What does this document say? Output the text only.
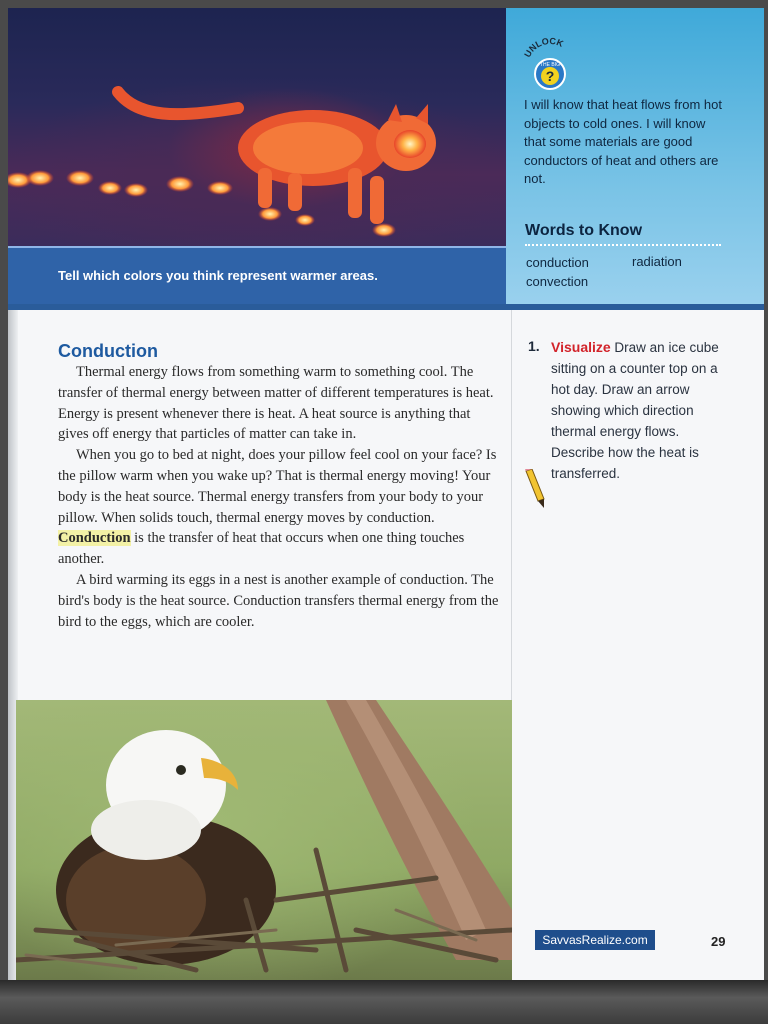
Tell which colors you think represent warmer areas.
UNLOCK
?
THE BIG
I will know that heat flows from hot objects to cold ones. I will know that some materials are good conductors of heat and others are not.
Words to Know
conduction	radiation
convection
Conduction

Thermal energy flows from something warm to something cool. The transfer of thermal energy between matter of different temperatures is heat. Energy is present whenever there is heat. A heat source is anything that gives off energy that particles of matter can take in.

When you go to bed at night, does your pillow feel cool on your face? Is the pillow warm when you wake up? That is thermal energy moving! Your body is the heat source. Thermal energy transfers from your body to your pillow. When solids touch, thermal energy moves by conduction.

Conduction is the transfer of heat that occurs when one thing touches another.

A bird warming its eggs in a nest is another example of conduction. The bird's body is the heat source. Conduction transfers thermal energy from the bird to the eggs, which are cooler.

1. Visualize Draw an ice cube sitting on a counter top on a hot day. Draw an arrow showing which direction thermal energy flows. Describe how the heat is transferred.
SavvasRealize.com	29
